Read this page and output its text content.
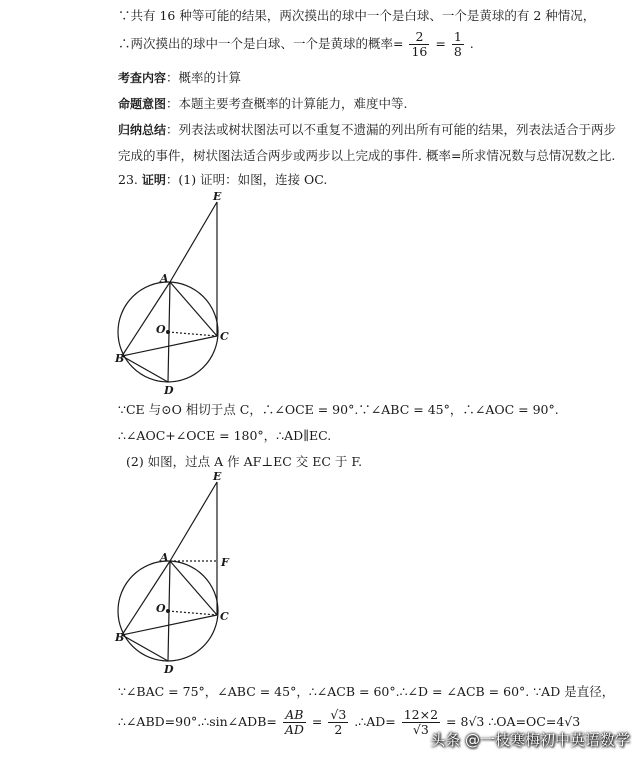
∵共有 16 种等可能的结果，两次摸出的球中一个是白球、一个是黄球的有 2 种情况，
∴两次摸出的球中一个是白球、一个是黄球的概率= $\frac{2}{16} = \frac{1}{8}$ .
考查内容：概率的计算
命题意图：本题主要考查概率的计算能力，难度中等.
归纳总结：列表法或树状图法可以不重复不遗漏的列出所有可能的结果，列表法适合于两步
完成的事件，树状图法适合两步或两步以上完成的事件. 概率=所求情况数与总情况数之比.
23. 证明：(1) 证明：如图，连接 OC.
E
A
O
C
B
D
E
A	F
O
C
B
D
∵CE 与⊙O 相切于点 C，∴∠OCE = 90°.∵∠ABC = 45°，∴∠AOC = 90°.
∴∠AOC+∠OCE = 180°，∴AD∥EC.
(2) 如图，过点 A 作 AF⊥EC 交 EC 于 F.
∵∠BAC = 75°，∠ABC = 45°，∴∠ACB = 60°.∴∠D = ∠ACB = 60°. ∵AD 是直径，
∴∠ABD=90°.∴sin∠ADB= $\frac{AB}{AD} = \frac{√3}{2}$ .∴AD= $\frac{12\times 2}{√3} = 8√3$ ∴OA=OC=4√3
头条 @一枝寒梅初中英语数学
